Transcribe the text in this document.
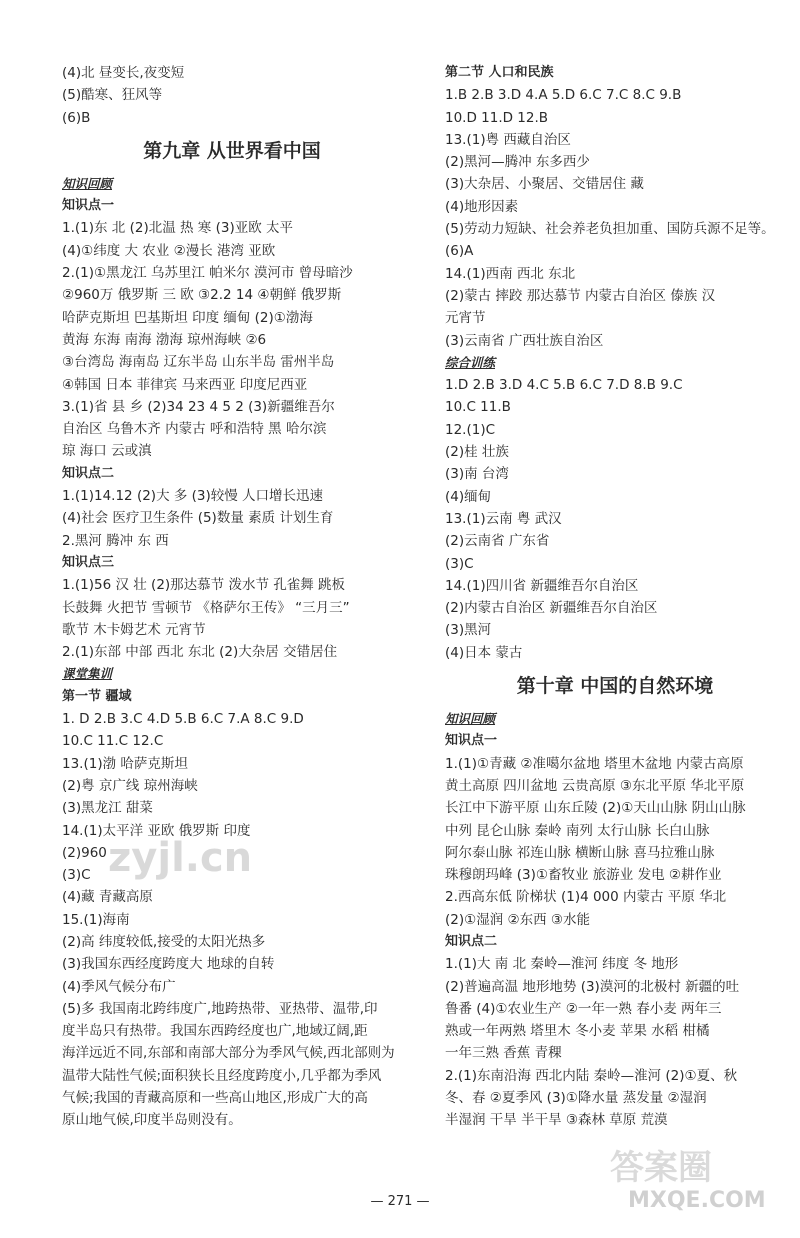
(4)北 昼变长,夜变短
(5)酷寒、狂风等
(6)B
第九章 从世界看中国
知识回顾
知识点一
1.(1)东 北 (2)北温 热 寒 (3)亚欧 太平
(4)①纬度 大 农业 ②漫长 港湾 亚欧
2.(1)①黑龙江 乌苏里江 帕米尔 漠河市 曾母暗沙
②960万 俄罗斯 三 欧 ③2.2 14 ④朝鲜 俄罗斯
哈萨克斯坦 巴基斯坦 印度 缅甸 (2)①渤海
黄海 东海 南海 渤海 琼州海峡 ②6
③台湾岛 海南岛 辽东半岛 山东半岛 雷州半岛
④韩国 日本 菲律宾 马来西亚 印度尼西亚
3.(1)省 县 乡 (2)34 23 4 5 2 (3)新疆维吾尔
自治区 乌鲁木齐 内蒙古 呼和浩特 黑 哈尔滨
琼 海口 云或滇
知识点二
1.(1)14.12 (2)大 多 (3)较慢 人口增长迅速
(4)社会 医疗卫生条件 (5)数量 素质 计划生育
2.黑河 腾冲 东 西
知识点三
1.(1)56 汉 壮 (2)那达慕节 泼水节 孔雀舞 跳板
长鼓舞 火把节 雪顿节 《格萨尔王传》 “三月三”
歌节 木卡姆艺术 元宵节
2.(1)东部 中部 西北 东北 (2)大杂居 交错居住
课堂集训
第一节 疆域
1. D 2.B 3.C 4.D 5.B 6.C 7.A 8.C 9.D
10.C 11.C 12.C
13.(1)渤 哈萨克斯坦
(2)粤 京广线 琼州海峡
(3)黑龙江 甜菜
14.(1)太平洋 亚欧 俄罗斯 印度
(2)960
(3)C
(4)藏 青藏高原
15.(1)海南
(2)高 纬度较低,接受的太阳光热多
(3)我国东西经度跨度大 地球的自转
(4)季风气候分布广
(5)多 我国南北跨纬度广,地跨热带、亚热带、温带,印
度半岛只有热带。我国东西跨经度也广,地域辽阔,距
海洋远近不同,东部和南部大部分为季风气候,西北部则为
温带大陆性气候;面积狭长且经度跨度小,几乎都为季风
气候;我国的青藏高原和一些高山地区,形成广大的高
原山地气候,印度半岛则没有。
第二节 人口和民族
1.B 2.B 3.D 4.A 5.D 6.C 7.C 8.C 9.B
10.D 11.D 12.B
13.(1)粤 西藏自治区
(2)黑河—腾冲 东多西少
(3)大杂居、小聚居、交错居住 藏
(4)地形因素
(5)劳动力短缺、社会养老负担加重、国防兵源不足等。
(6)A
14.(1)西南 西北 东北
(2)蒙古 摔跤 那达慕节 内蒙古自治区 傣族 汉
元宵节
(3)云南省 广西壮族自治区
综合训练
1.D 2.B 3.D 4.C 5.B 6.C 7.D 8.B 9.C
10.C 11.B
12.(1)C
(2)桂 壮族
(3)南 台湾
(4)缅甸
13.(1)云南 粤 武汉
(2)云南省 广东省
(3)C
14.(1)四川省 新疆维吾尔自治区
(2)内蒙古自治区 新疆维吾尔自治区
(3)黑河
(4)日本 蒙古
第十章 中国的自然环境
知识回顾
知识点一
1.(1)①青藏 ②准噶尔盆地 塔里木盆地 内蒙古高原
黄土高原 四川盆地 云贵高原 ③东北平原 华北平原
长江中下游平原 山东丘陵 (2)①天山山脉 阴山山脉
中列 昆仑山脉 秦岭 南列 太行山脉 长白山脉
阿尔泰山脉 祁连山脉 横断山脉 喜马拉雅山脉
珠穆朗玛峰 (3)①畜牧业 旅游业 发电 ②耕作业
2.西高东低 阶梯状 (1)4 000 内蒙古 平原 华北
(2)①湿润 ②东西 ③水能
知识点二
1.(1)大 南 北 秦岭—淮河 纬度 冬 地形
(2)普遍高温 地形地势 (3)漠河的北极村 新疆的吐
鲁番 (4)①农业生产 ②一年一熟 春小麦 两年三
熟或一年两熟 塔里木 冬小麦 苹果 水稻 柑橘
一年三熟 香蕉 青稞
2.(1)东南沿海 西北内陆 秦岭—淮河 (2)①夏、秋
冬、春 ②夏季风 (3)①降水量 蒸发量 ②湿润
半湿润 干旱 半干旱 ③森林 草原 荒漠
— 271 —
zyjl.cn
答案圈
MXQE.COM
